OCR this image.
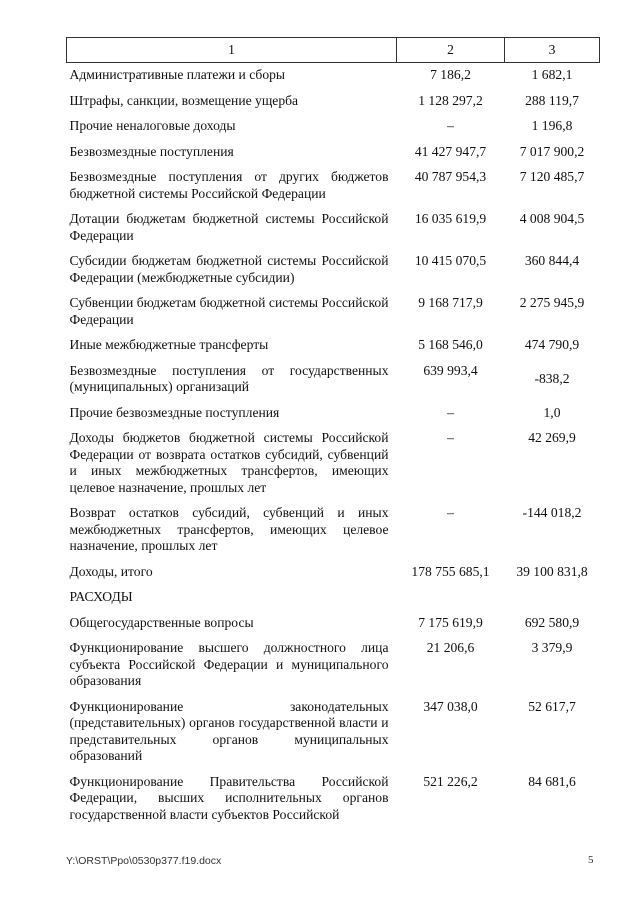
1	2	3
Административные платежи и сборы	7 186,2	1 682,1
Штрафы, санкции, возмещение ущерба	1 128 297,2	288 119,7
Прочие неналоговые доходы	–	1 196,8
Безвозмездные поступления	41 427 947,7	7 017 900,2
Безвозмездные поступления от других бюджетов бюджетной системы Российской Федерации	40 787 954,3	7 120 485,7
Дотации бюджетам бюджетной системы Российской Федерации	16 035 619,9	4 008 904,5
Субсидии бюджетам бюджетной системы Российской Федерации (межбюджетные субсидии)	10 415 070,5	360 844,4
Субвенции бюджетам бюджетной системы Российской Федерации	9 168 717,9	2 275 945,9
Иные межбюджетные трансферты	5 168 546,0	474 790,9
Безвозмездные поступления от государственных (муниципальных) организаций	639 993,4	-838,2
Прочие безвозмездные поступления	–	1,0
Доходы бюджетов бюджетной системы Российской Федерации от возврата остатков субсидий, субвенций и иных межбюджетных трансфертов, имеющих целевое назначение, прошлых лет	–	42 269,9
Возврат остатков субсидий, субвенций и иных межбюджетных трансфертов, имеющих целевое назначение, прошлых лет	–	-144 018,2
Доходы, итого	178 755 685,1	39 100 831,8
РАСХОДЫ		
Общегосударственные вопросы	7 175 619,9	692 580,9
Функционирование высшего должностного лица субъекта Российской Федерации и муниципального образования	21 206,6	3 379,9
Функционирование законодательных (представительных) органов государственной власти и представительных органов муниципальных образований	347 038,0	52 617,7
Функционирование Правительства Российской Федерации, высших исполнительных органов государственной власти субъектов Российской	521 226,2	84 681,6
Y:\ORST\Ppo\0530p377.f19.docx	5
